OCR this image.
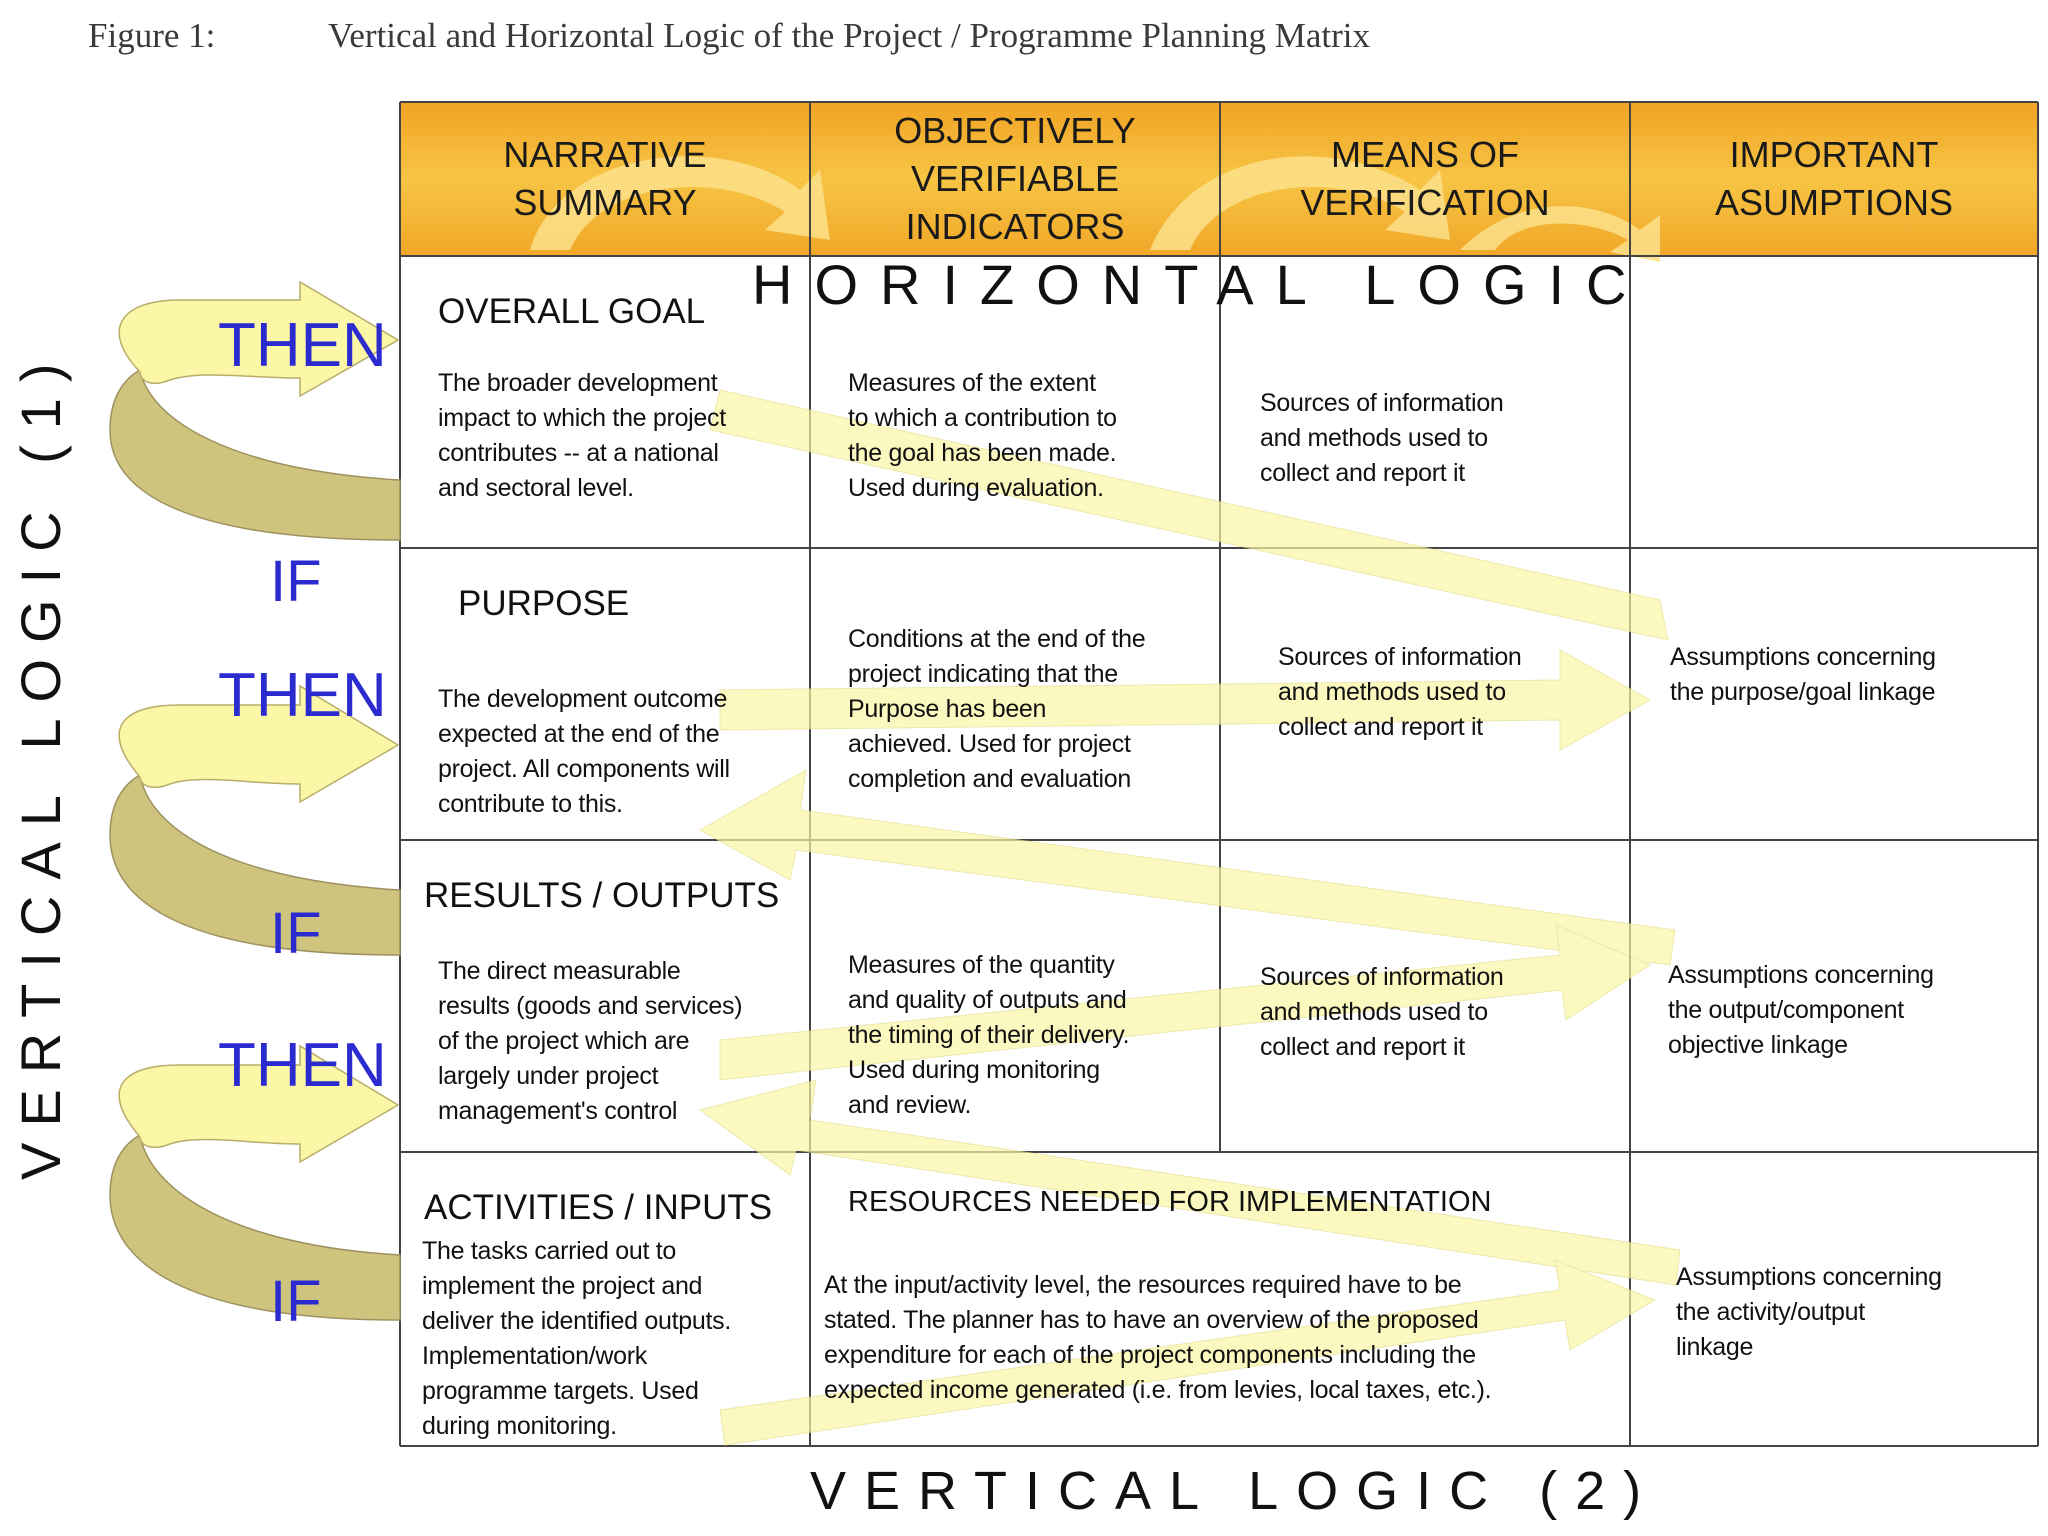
Figure 1:	Vertical and Horizontal Logic of the Project / Programme Planning Matrix
NARRATIVE
SUMMARY
OBJECTIVELY
VERIFIABLE
INDICATORS
MEANS OF
VERIFICATION
IMPORTANT
ASUMPTIONS
HORIZONTAL LOGIC
VERTICAL LOGIC (1)
VERTICAL LOGIC (2)
OVERALL GOAL
The broader development
impact to which the project
contributes -- at a national
and sectoral level.
Measures of the extent
to which a contribution to
the goal has been made.
Used during evaluation.
Sources of information
and methods used to
collect and report it
PURPOSE
The development outcome
expected at the end of the
project. All components will
contribute to this.
Conditions at the end of the
project indicating that the
Purpose has been
achieved. Used for project
completion and evaluation
Sources of information
and methods used to
collect and report it
Assumptions concerning
the purpose/goal linkage
RESULTS / OUTPUTS
The direct measurable
results (goods and services)
of the project which are
largely under project
management's control
Measures of the quantity
and quality of outputs and
the timing of their delivery.
Used during monitoring
and review.
Sources of information
and methods used to
collect and report it
Assumptions concerning
the output/component
objective linkage
ACTIVITIES / INPUTS
The tasks carried out to
implement the project and
deliver the identified outputs.
Implementation/work
programme targets. Used
during monitoring.
RESOURCES NEEDED FOR IMPLEMENTATION
At the input/activity level, the resources required have to be
stated. The planner has to have an overview of the proposed
expenditure for each of the project components including the
expected income generated (i.e. from levies, local taxes, etc.).
Assumptions concerning
the activity/output
linkage
THEN
IF
THEN
IF
THEN
IF
